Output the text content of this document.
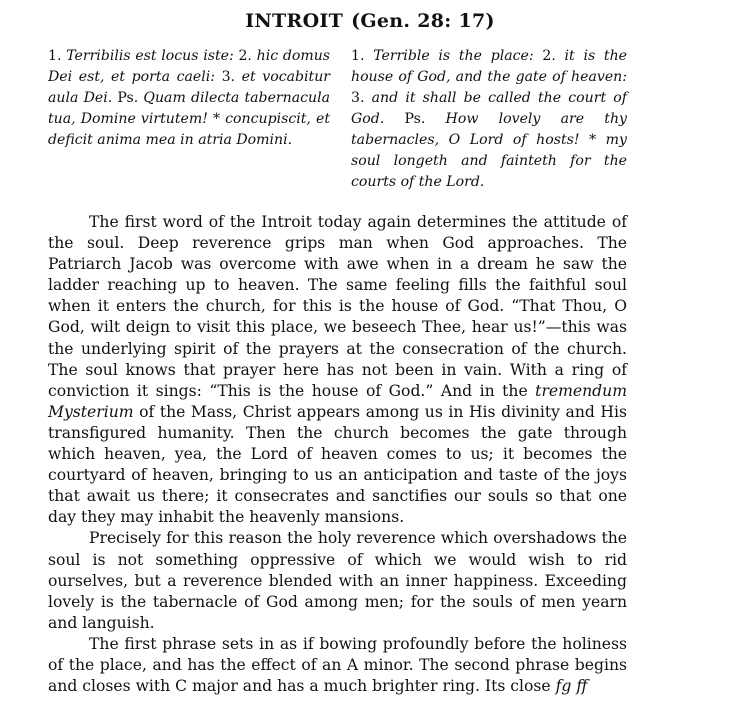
INTROIT (Gen. 28: 17)
1. Terribilis est locus iste: 2. hic domus Dei est, et porta caeli: 3. et vocabitur aula Dei. Ps. Quam dilecta tabernacula tua, Domine virtutem! * concupiscit, et deficit anima mea in atria Domini.
1. Terrible is the place: 2. it is the house of God, and the gate of heaven: 3. and it shall be called the court of God. Ps. How lovely are thy tabernacles, O Lord of hosts! * my soul longeth and fainteth for the courts of the Lord.

The first word of the Introit today again determines the attitude of the soul. Deep reverence grips man when God approaches. The Patriarch Jacob was overcome with awe when in a dream he saw the ladder reaching up to heaven. The same feeling fills the faithful soul when it enters the church, for this is the house of God. “That Thou, O God, wilt deign to visit this place, we beseech Thee, hear us!”—this was the underlying spirit of the prayers at the consecration of the church. The soul knows that prayer here has not been in vain. With a ring of conviction it sings: “This is the house of God.” And in the tremendum Mysterium of the Mass, Christ appears among us in His divinity and His transfigured humanity. Then the church becomes the gate through which heaven, yea, the Lord of heaven comes to us; it becomes the courtyard of heaven, bringing to us an anticipation and taste of the joys that await us there; it consecrates and sanctifies our souls so that one day they may inhabit the heavenly mansions.

Precisely for this reason the holy reverence which overshadows the soul is not something oppressive of which we would wish to rid ourselves, but a reverence blended with an inner happiness. Exceeding lovely is the tabernacle of God among men; for the souls of men yearn and languish.

The first phrase sets in as if bowing profoundly before the holiness of the place, and has the effect of an A minor. The second phrase begins and closes with C major and has a much brighter ring. Its close fg ff
